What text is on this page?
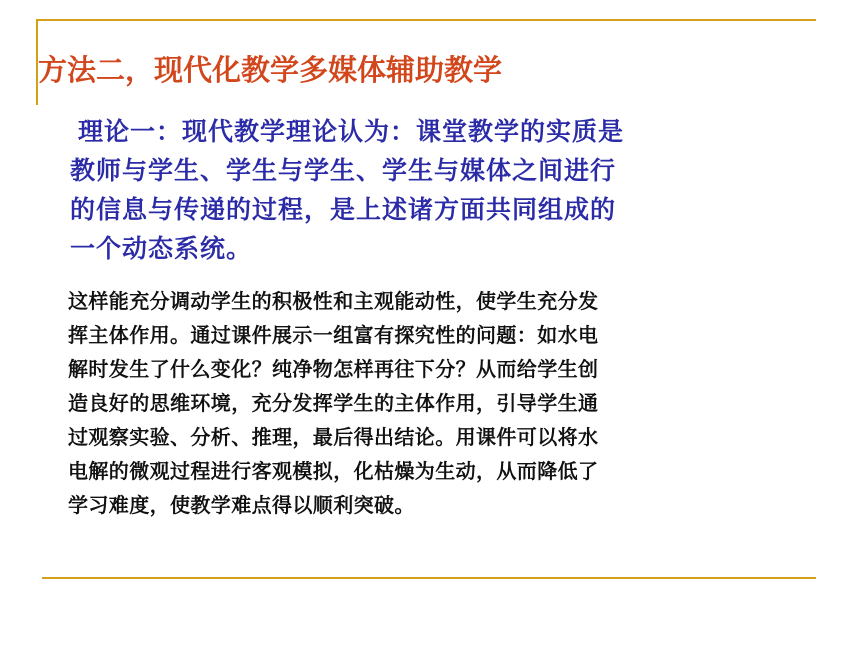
方法二，现代化教学多媒体辅助教学
理论一：现代教学理论认为：课堂教学的实质是
教师与学生、学生与学生、学生与媒体之间进行
的信息与传递的过程，是上述诸方面共同组成的
一个动态系统。
这样能充分调动学生的积极性和主观能动性，使学生充分发
挥主体作用。通过课件展示一组富有探究性的问题：如水电
解时发生了什么变化？纯净物怎样再往下分？从而给学生创
造良好的思维环境，充分发挥学生的主体作用，引导学生通
过观察实验、分析、推理，最后得出结论。用课件可以将水
电解的微观过程进行客观模拟，化枯燥为生动，从而降低了
学习难度，使教学难点得以顺利突破。
